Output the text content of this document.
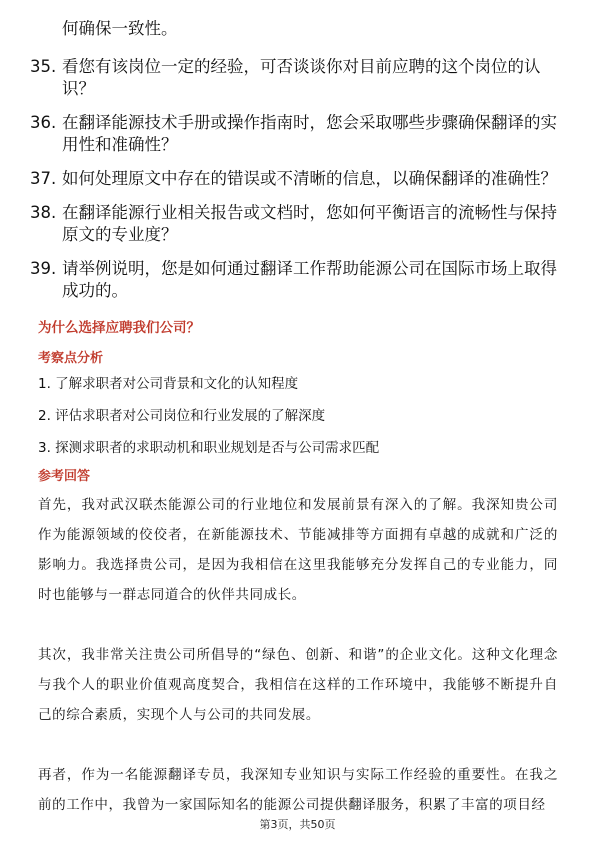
何确保一致性。
35. 看您有该岗位一定的经验，可否谈谈你对目前应聘的这个岗位的认识？
36. 在翻译能源技术手册或操作指南时，您会采取哪些步骤确保翻译的实用性和准确性？
37. 如何处理原文中存在的错误或不清晰的信息，以确保翻译的准确性？
38. 在翻译能源行业相关报告或文档时，您如何平衡语言的流畅性与保持原文的专业度？
39. 请举例说明，您是如何通过翻译工作帮助能源公司在国际市场上取得成功的。
为什么选择应聘我们公司？
考察点分析
1. 了解求职者对公司背景和文化的认知程度
2. 评估求职者对公司岗位和行业发展的了解深度
3. 探测求职者的求职动机和职业规划是否与公司需求匹配
参考回答

首先，我对武汉联杰能源公司的行业地位和发展前景有深入的了解。我深知贵公司作为能源领域的佼佼者，在新能源技术、节能减排等方面拥有卓越的成就和广泛的影响力。我选择贵公司，是因为我相信在这里我能够充分发挥自己的专业能力，同时也能够与一群志同道合的伙伴共同成长。

其次，我非常关注贵公司所倡导的“绿色、创新、和谐”的企业文化。这种文化理念与我个人的职业价值观高度契合，我相信在这样的工作环境中，我能够不断提升自己的综合素质，实现个人与公司的共同发展。

再者，作为一名能源翻译专员，我深知专业知识与实际工作经验的重要性。在我之前的工作中，我曾为一家国际知名的能源公司提供翻译服务，积累了丰富的项目经

第3页，共50页
